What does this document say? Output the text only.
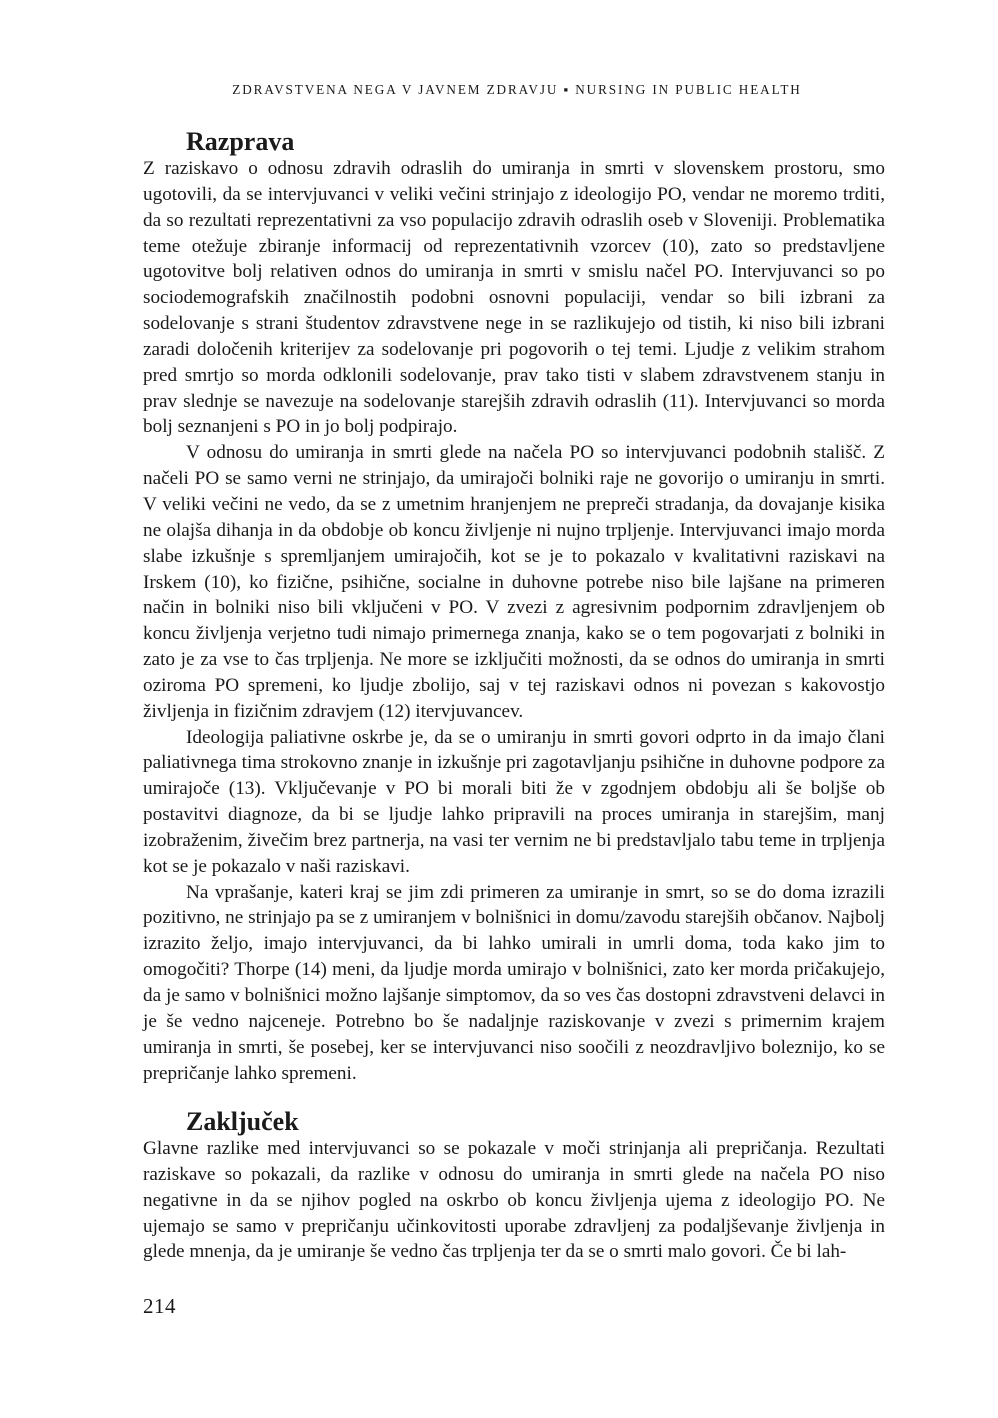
ZDRAVSTVENA NEGA V JAVNEM ZDRAVJU ▪ NURSING IN PUBLIC HEALTH
Razprava

Z raziskavo o odnosu zdravih odraslih do umiranja in smrti v slovenskem prostoru, smo ugotovili, da se intervjuvanci v veliki večini strinjajo z ideologijo PO, vendar ne moremo trditi, da so rezultati reprezentativni za vso populacijo zdravih odraslih oseb v Sloveniji. Problematika teme otežuje zbiranje informacij od reprezentativnih vzorcev (10), zato so predstavljene ugotovitve bolj relativen odnos do umiranja in smrti v smislu načel PO. Intervjuvanci so po sociodemografskih značilnostih podobni osnovni populaciji, vendar so bili izbrani za sodelovanje s strani študentov zdravstvene nege in se razlikujejo od tistih, ki niso bili izbrani zaradi določenih kriterijev za sodelovanje pri pogovorih o tej temi. Ljudje z velikim strahom pred smrtjo so morda odklonili sodelovanje, prav tako tisti v slabem zdravstvenem stanju in prav slednje se navezuje na sodelovanje starejših zdravih odraslih (11). Intervjuvanci so morda bolj seznanjeni s PO in jo bolj podpirajo.

V odnosu do umiranja in smrti glede na načela PO so intervjuvanci podobnih stališč. Z načeli PO se samo verni ne strinjajo, da umirajoči bolniki raje ne govorijo o umiranju in smrti. V veliki večini ne vedo, da se z umetnim hranjenjem ne prepreči stradanja, da dovajanje kisika ne olajša dihanja in da obdobje ob koncu življenje ni nujno trpljenje. Intervjuvanci imajo morda slabe izkušnje s spremljanjem umirajočih, kot se je to pokazalo v kvalitativni raziskavi na Irskem (10), ko fizične, psihične, socialne in duhovne potrebe niso bile lajšane na primeren način in bolniki niso bili vključeni v PO. V zvezi z agresivnim podpornim zdravljenjem ob koncu življenja verjetno tudi nimajo primernega znanja, kako se o tem pogovarjati z bolniki in zato je za vse to čas trpljenja. Ne more se izključiti možnosti, da se odnos do umiranja in smrti oziroma PO spremeni, ko ljudje zbolijo, saj v tej raziskavi odnos ni povezan s kakovostjo življenja in fizičnim zdravjem (12) itervjuvancev.

Ideologija paliativne oskrbe je, da se o umiranju in smrti govori odprto in da imajo člani paliativnega tima strokovno znanje in izkušnje pri zagotavljanju psihične in duhovne podpore za umirajoče (13). Vključevanje v PO bi morali biti že v zgodnjem obdobju ali še boljše ob postavitvi diagnoze, da bi se ljudje lahko pripravili na proces umiranja in starejšim, manj izobraženim, živečim brez partnerja, na vasi ter vernim ne bi predstavljalo tabu teme in trpljenja kot se je pokazalo v naši raziskavi.

Na vprašanje, kateri kraj se jim zdi primeren za umiranje in smrt, so se do doma izrazili pozitivno, ne strinjajo pa se z umiranjem v bolnišnici in domu/zavodu starejših občanov. Najbolj izrazito željo, imajo intervjuvanci, da bi lahko umirali in umrli doma, toda kako jim to omogočiti? Thorpe (14) meni, da ljudje morda umirajo v bolnišnici, zato ker morda pričakujejo, da je samo v bolnišnici možno lajšanje simptomov, da so ves čas dostopni zdravstveni delavci in je še vedno najceneje. Potrebno bo še nadaljnje raziskovanje v zvezi s primernim krajem umiranja in smrti, še posebej, ker se intervjuvanci niso soočili z neozdravljivo boleznijo, ko se prepričanje lahko spremeni.

Zaključek

Glavne razlike med intervjuvanci so se pokazale v moči strinjanja ali prepričanja. Rezultati raziskave so pokazali, da razlike v odnosu do umiranja in smrti glede na načela PO niso negativne in da se njihov pogled na oskrbo ob koncu življenja ujema z ideologijo PO. Ne ujemajo se samo v prepričanju učinkovitosti uporabe zdravljenj za podaljševanje življenja in glede mnenja, da je umiranje še vedno čas trpljenja ter da se o smrti malo govori. Če bi lah-

214
